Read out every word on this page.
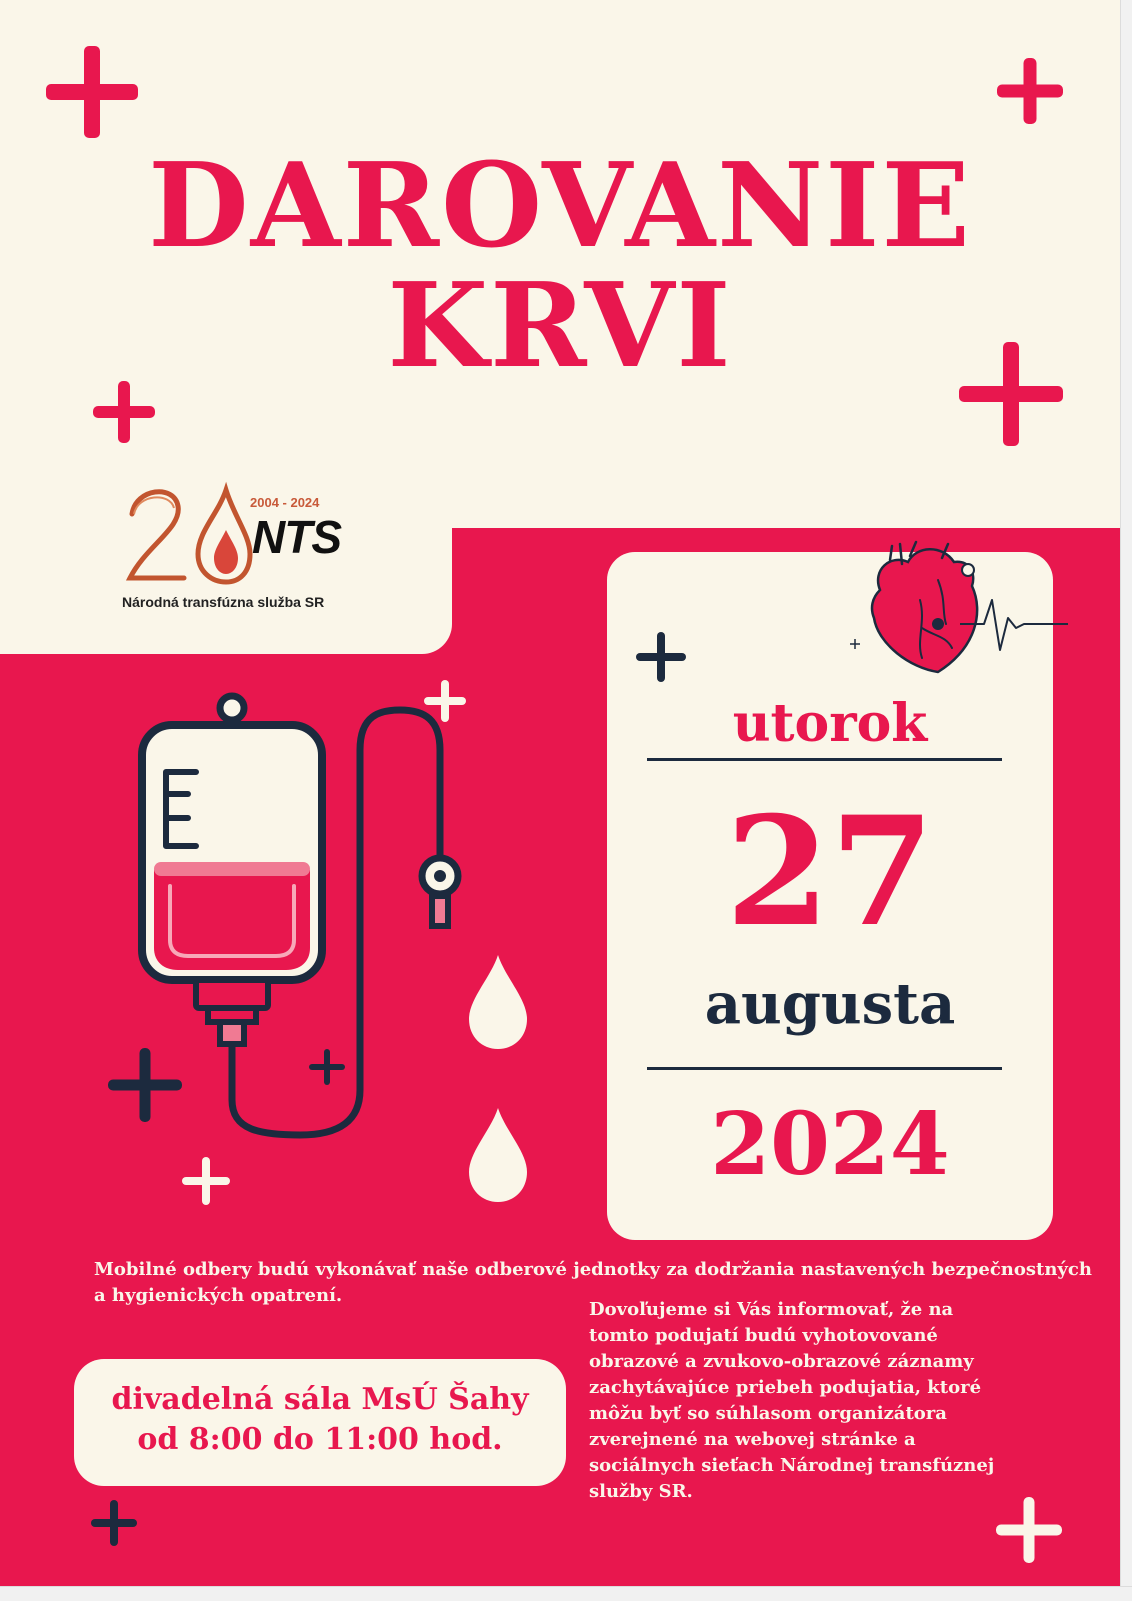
DAROVANIE
KRVI
2004 - 2024
NTS
Národná transfúzna služba SR
utorok
27
augusta
2024
Mobilné odbery budú vykonávať naše odberové jednotky za dodržania nastavených bezpečnostných a hygienických opatrení.
Dovoľujeme si Vás informovať, že na tomto podujatí budú vyhotovované obrazové a zvukovo-obrazové záznamy zachytávajúce priebeh podujatia, ktoré môžu byť so súhlasom organizátora zverejnené na webovej stránke a sociálnych sieťach Národnej transfúznej služby SR.
divadelná sála MsÚ Šahy
od 8:00 do 11:00 hod.
